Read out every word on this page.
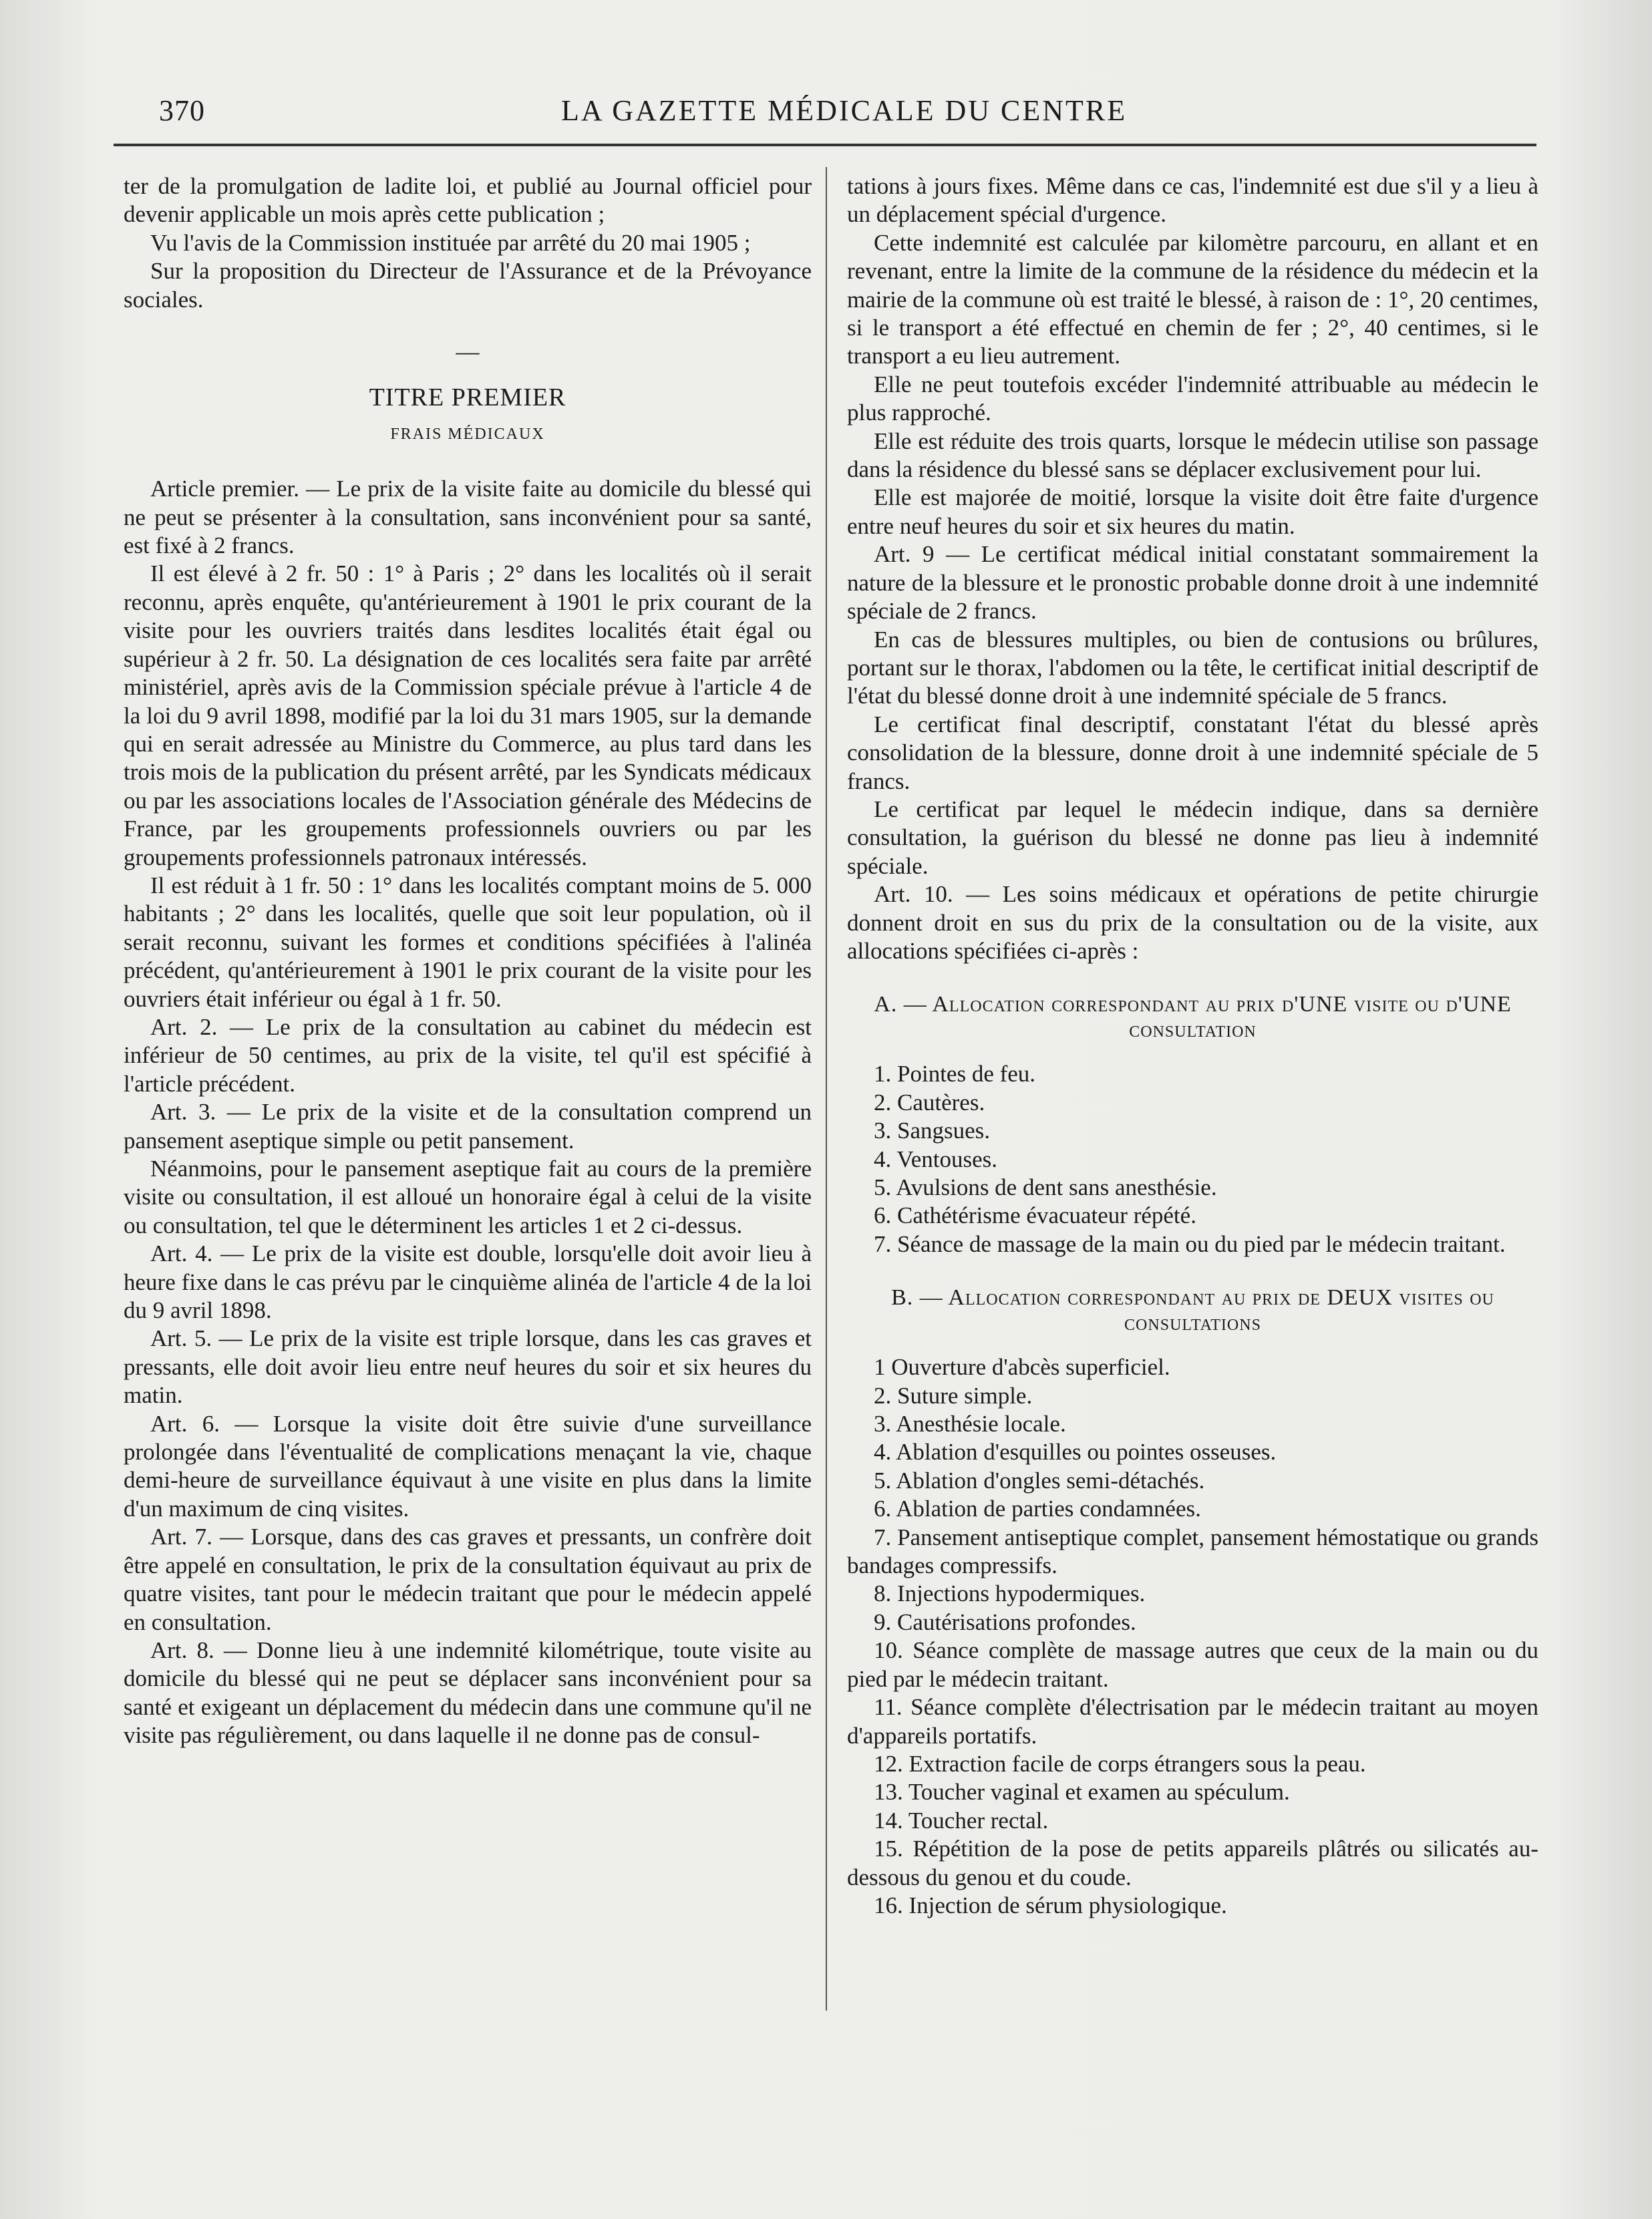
370	LA GAZETTE MÉDICALE DU CENTRE

ter de la promulgation de ladite loi, et publié au Journal officiel pour devenir applicable un mois après cette publication ;

Vu l'avis de la Commission instituée par arrêté du 20 mai 1905 ;

Sur la proposition du Directeur de l'Assurance et de la Prévoyance sociales.

—
TITRE PREMIER
FRAIS MÉDICAUX

Article premier. — Le prix de la visite faite au domicile du blessé qui ne peut se présenter à la consultation, sans inconvénient pour sa santé, est fixé à 2 francs.

Il est élevé à 2 fr. 50 : 1° à Paris ; 2° dans les localités où il serait reconnu, après enquête, qu'antérieurement à 1901 le prix courant de la visite pour les ouvriers traités dans lesdites localités était égal ou supérieur à 2 fr. 50. La désignation de ces localités sera faite par arrêté ministériel, après avis de la Commission spéciale prévue à l'article 4 de la loi du 9 avril 1898, modifié par la loi du 31 mars 1905, sur la demande qui en serait adressée au Ministre du Commerce, au plus tard dans les trois mois de la publication du présent arrêté, par les Syndicats médicaux ou par les associations locales de l'Association générale des Médecins de France, par les groupements professionnels ouvriers ou par les groupements professionnels patronaux intéressés.

Il est réduit à 1 fr. 50 : 1° dans les localités comptant moins de 5. 000 habitants ; 2° dans les localités, quelle que soit leur population, où il serait reconnu, suivant les formes et conditions spécifiées à l'alinéa précédent, qu'antérieurement à 1901 le prix courant de la visite pour les ouvriers était inférieur ou égal à 1 fr. 50.

Art. 2. — Le prix de la consultation au cabinet du médecin est inférieur de 50 centimes, au prix de la visite, tel qu'il est spécifié à l'article précédent.

Art. 3. — Le prix de la visite et de la consultation comprend un pansement aseptique simple ou petit pansement.

Néanmoins, pour le pansement aseptique fait au cours de la première visite ou consultation, il est alloué un honoraire égal à celui de la visite ou consultation, tel que le déterminent les articles 1 et 2 ci-dessus.

Art. 4. — Le prix de la visite est double, lorsqu'elle doit avoir lieu à heure fixe dans le cas prévu par le cinquième alinéa de l'article 4 de la loi du 9 avril 1898.

Art. 5. — Le prix de la visite est triple lorsque, dans les cas graves et pressants, elle doit avoir lieu entre neuf heures du soir et six heures du matin.

Art. 6. — Lorsque la visite doit être suivie d'une surveillance prolongée dans l'éventualité de complications menaçant la vie, chaque demi-heure de surveillance équivaut à une visite en plus dans la limite d'un maximum de cinq visites.

Art. 7. — Lorsque, dans des cas graves et pressants, un confrère doit être appelé en consultation, le prix de la consultation équivaut au prix de quatre visites, tant pour le médecin traitant que pour le médecin appelé en consultation.

Art. 8. — Donne lieu à une indemnité kilométrique, toute visite au domicile du blessé qui ne peut se déplacer sans inconvénient pour sa santé et exigeant un déplacement du médecin dans une commune qu'il ne visite pas régulièrement, ou dans laquelle il ne donne pas de consul-

tations à jours fixes. Même dans ce cas, l'indemnité est due s'il y a lieu à un déplacement spécial d'urgence.

Cette indemnité est calculée par kilomètre parcouru, en allant et en revenant, entre la limite de la commune de la résidence du médecin et la mairie de la commune où est traité le blessé, à raison de : 1°, 20 centimes, si le transport a été effectué en chemin de fer ; 2°, 40 centimes, si le transport a eu lieu autrement.

Elle ne peut toutefois excéder l'indemnité attribuable au médecin le plus rapproché.

Elle est réduite des trois quarts, lorsque le médecin utilise son passage dans la résidence du blessé sans se déplacer exclusivement pour lui.

Elle est majorée de moitié, lorsque la visite doit être faite d'urgence entre neuf heures du soir et six heures du matin.

Art. 9 — Le certificat médical initial constatant sommairement la nature de la blessure et le pronostic probable donne droit à une indemnité spéciale de 2 francs.

En cas de blessures multiples, ou bien de contusions ou brûlures, portant sur le thorax, l'abdomen ou la tête, le certificat initial descriptif de l'état du blessé donne droit à une indemnité spéciale de 5 francs.

Le certificat final descriptif, constatant l'état du blessé après consolidation de la blessure, donne droit à une indemnité spéciale de 5 francs.

Le certificat par lequel le médecin indique, dans sa dernière consultation, la guérison du blessé ne donne pas lieu à indemnité spéciale.

Art. 10. — Les soins médicaux et opérations de petite chirurgie donnent droit en sus du prix de la consultation ou de la visite, aux allocations spécifiées ci-après :

A. — Allocation correspondant au prix d'UNE visite ou d'UNE consultation
1. Pointes de feu.
2. Cautères.
3. Sangsues.
4. Ventouses.
5. Avulsions de dent sans anesthésie.
6. Cathétérisme évacuateur répété.
7. Séance de massage de la main ou du pied par le médecin traitant.
B. — Allocation correspondant au prix de DEUX visites ou consultations
1 Ouverture d'abcès superficiel.
2. Suture simple.
3. Anesthésie locale.
4. Ablation d'esquilles ou pointes osseuses.
5. Ablation d'ongles semi-détachés.
6. Ablation de parties condamnées.
7. Pansement antiseptique complet, pansement hémostatique ou grands bandages compressifs.
8. Injections hypodermiques.
9. Cautérisations profondes.
10. Séance complète de massage autres que ceux de la main ou du pied par le médecin traitant.
11. Séance complète d'électrisation par le médecin traitant au moyen d'appareils portatifs.
12. Extraction facile de corps étrangers sous la peau.
13. Toucher vaginal et examen au spéculum.
14. Toucher rectal.
15. Répétition de la pose de petits appareils plâtrés ou silicatés au-dessous du genou et du coude.
16. Injection de sérum physiologique.
